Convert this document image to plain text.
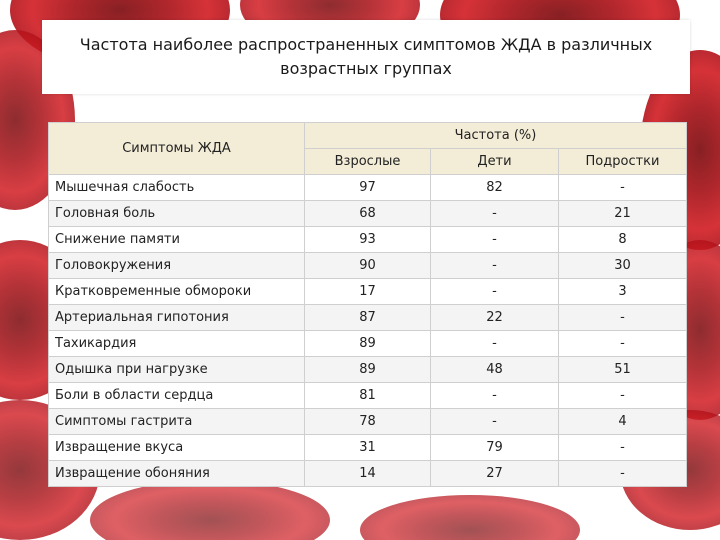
Частота наиболее распространенных симптомов ЖДА в различных возрастных группах
Симптомы ЖДА	Частота (%)		
	Взрослые	Дети	Подростки
Мышечная слабость	97	82	-
Головная боль	68	-	21
Снижение памяти	93	-	8
Головокружения	90	-	30
Кратковременные обмороки	17	-	3
Артериальная гипотония	87	22	-
Тахикардия	89	-	-
Одышка при нагрузке	89	48	51
Боли в области сердца	81	-	-
Симптомы гастрита	78	-	4
Извращение вкуса	31	79	-
Извращение обоняния	14	27	-
